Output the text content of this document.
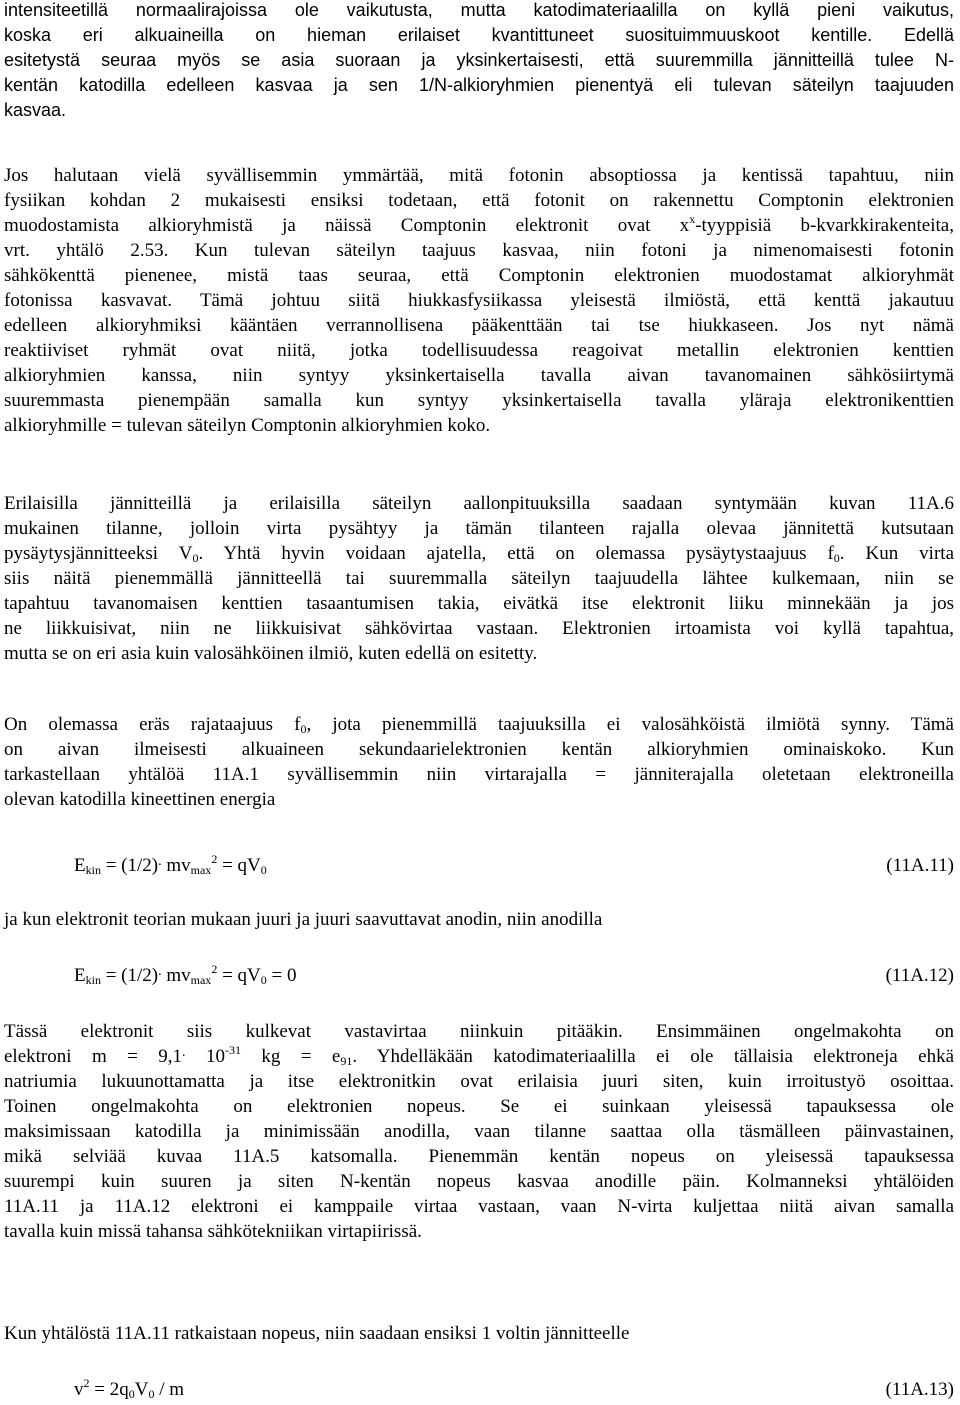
intensiteetillä normaalirajoissa ole vaikutusta, mutta katodimateriaalilla on kyllä pieni vaikutus,
koska eri alkuaineilla on hieman erilaiset kvantittuneet suosituimmuuskoot kentille. Edellä
esitetystä seuraa myös se asia suoraan ja yksinkertaisesti, että suuremmilla jännitteillä tulee N-
kentän katodilla edelleen kasvaa ja sen 1/N-alkioryhmien pienentyä eli tulevan säteilyn taajuuden
kasvaa.
Jos halutaan vielä syvällisemmin ymmärtää, mitä fotonin absoptiossa ja kentissä tapahtuu, niin
fysiikan kohdan 2 mukaisesti ensiksi todetaan, että fotonit on rakennettu Comptonin elektronien
muodostamista alkioryhmistä ja näissä Comptonin elektronit ovat $x^x$-tyyppisiä b-kvarkkirakenteita,
vrt. yhtälö 2.53. Kun tulevan säteilyn taajuus kasvaa, niin fotoni ja nimenomaisesti fotonin
sähkökenttä pienenee, mistä taas seuraa, että Comptonin elektronien muodostamat alkioryhmät
fotonissa kasvavat. Tämä johtuu siitä hiukkasfysiikassa yleisestä ilmiöstä, että kenttä jakautuu
edelleen alkioryhmiksi kääntäen verrannollisena pääkenttään tai tse hiukkaseen. Jos nyt nämä
reaktiiviset ryhmät ovat niitä, jotka todellisuudessa reagoivat metallin elektronien kenttien
alkioryhmien kanssa, niin syntyy yksinkertaisella tavalla aivan tavanomainen sähkösiirtymä
suuremmasta pienempään samalla kun syntyy yksinkertaisella tavalla yläraja elektronikenttien
alkioryhmille = tulevan säteilyn Comptonin alkioryhmien koko.
Erilaisilla jännitteillä ja erilaisilla säteilyn aallonpituuksilla saadaan syntymään kuvan 11A.6
mukainen tilanne, jolloin virta pysähtyy ja tämän tilanteen rajalla olevaa jännitettä kutsutaan
pysäytysjännitteeksi $V_0$. Yhtä hyvin voidaan ajatella, että on olemassa pysäytystaajuus $f_0$. Kun virta
siis näitä pienemmällä jännitteellä tai suuremmalla säteilyn taajuudella lähtee kulkemaan, niin se
tapahtuu tavanomaisen kenttien tasaantumisen takia, eivätkä itse elektronit liiku minnekään ja jos
ne liikkuisivat, niin ne liikkuisivat sähkövirtaa vastaan. Elektronien irtoamista voi kyllä tapahtua,
mutta se on eri asia kuin valosähköinen ilmiö, kuten edellä on esitetty.
On olemassa eräs rajataajuus $f_0$, jota pienemmillä taajuuksilla ei valosähköistä ilmiötä synny. Tämä
on aivan ilmeisesti alkuaineen sekundaarielektronien kentän alkioryhmien ominaiskoko. Kun
tarkastellaan yhtälöä 11A.1 syvällisemmin niin virtarajalla = jänniterajalla oletetaan elektroneilla
olevan katodilla kineettinen energia
$E_{kin} = (1/2)^.$ $mv_{max}^2 = qV_0$	(11A.11)
ja kun elektronit teorian mukaan juuri ja juuri saavuttavat anodin, niin anodilla
$E_{kin} = (1/2)^.$ $mv_{max}^2 = qV_0 = 0$	(11A.12)
Tässä elektronit siis kulkevat vastavirtaa niinkuin pitääkin. Ensimmäinen ongelmakohta on
elektroni m = 9,1. $10^{-31}$ kg = $e_{91}$. Yhdelläkään katodimateriaalilla ei ole tällaisia elektroneja ehkä
natriumia lukuunottamatta ja itse elektronitkin ovat erilaisia juuri siten, kuin irroitustyö osoittaa.
Toinen ongelmakohta on elektronien nopeus. Se ei suinkaan yleisessä tapauksessa ole
maksimissaan katodilla ja minimissään anodilla, vaan tilanne saattaa olla täsmälleen päinvastainen,
mikä selviää kuvaa 11A.5 katsomalla. Pienemmän kentän nopeus on yleisessä tapauksessa
suurempi kuin suuren ja siten N-kentän nopeus kasvaa anodille päin. Kolmanneksi yhtälöiden
11A.11 ja 11A.12 elektroni ei kamppaile virtaa vastaan, vaan N-virta kuljettaa niitä aivan samalla
tavalla kuin missä tahansa sähkötekniikan virtapiirissä.
Kun yhtälöstä 11A.11 ratkaistaan nopeus, niin saadaan ensiksi 1 voltin jännitteelle
$v^2 = 2q_0V_0 / m$	(11A.13)
